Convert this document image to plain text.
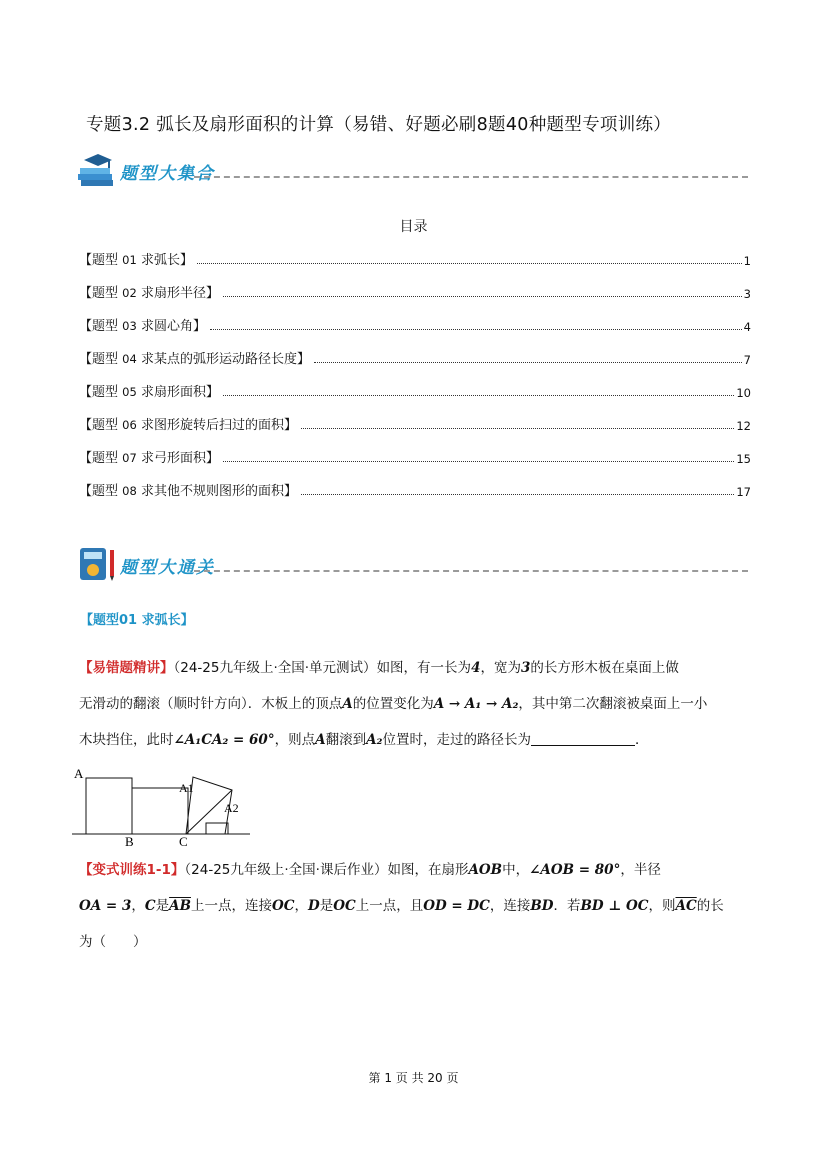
专题3.2 弧长及扇形面积的计算（易错、好题必刷8题40种题型专项训练）
题型大集合
目录
【题型 01 求弧长】	1
【题型 02 求扇形半径】	3
【题型 03 求圆心角】	4
【题型 04 求某点的弧形运动路径长度】	7
【题型 05 求扇形面积】	10
【题型 06 求图形旋转后扫过的面积】	12
【题型 07 求弓形面积】	15
【题型 08 求其他不规则图形的面积】	17
题型大通关
【题型01 求弧长】
【易错题精讲】（24-25九年级上·全国·单元测试）如图，有一长为4，宽为3的长方形木板在桌面上做
无滑动的翻滚（顺时针方向）．木板上的顶点A的位置变化为A → A₁ → A₂，其中第二次翻滚被桌面上一小
木块挡住，此时∠A₁CA₂ = 60°，则点A翻滚到A₂位置时，走过的路径长为	．
A
A1
A2
B	C
【变式训练1-1】（24-25九年级上·全国·课后作业）如图，在扇形AOB中，∠AOB = 80°，半径
OA = 3，C是$\overline{AB}$上一点，连接OC，D是OC上一点，且OD = DC，连接BD．若BD ⊥ OC，则$\overline{AC}$的长
为（　　）
第 1 页 共 20 页
